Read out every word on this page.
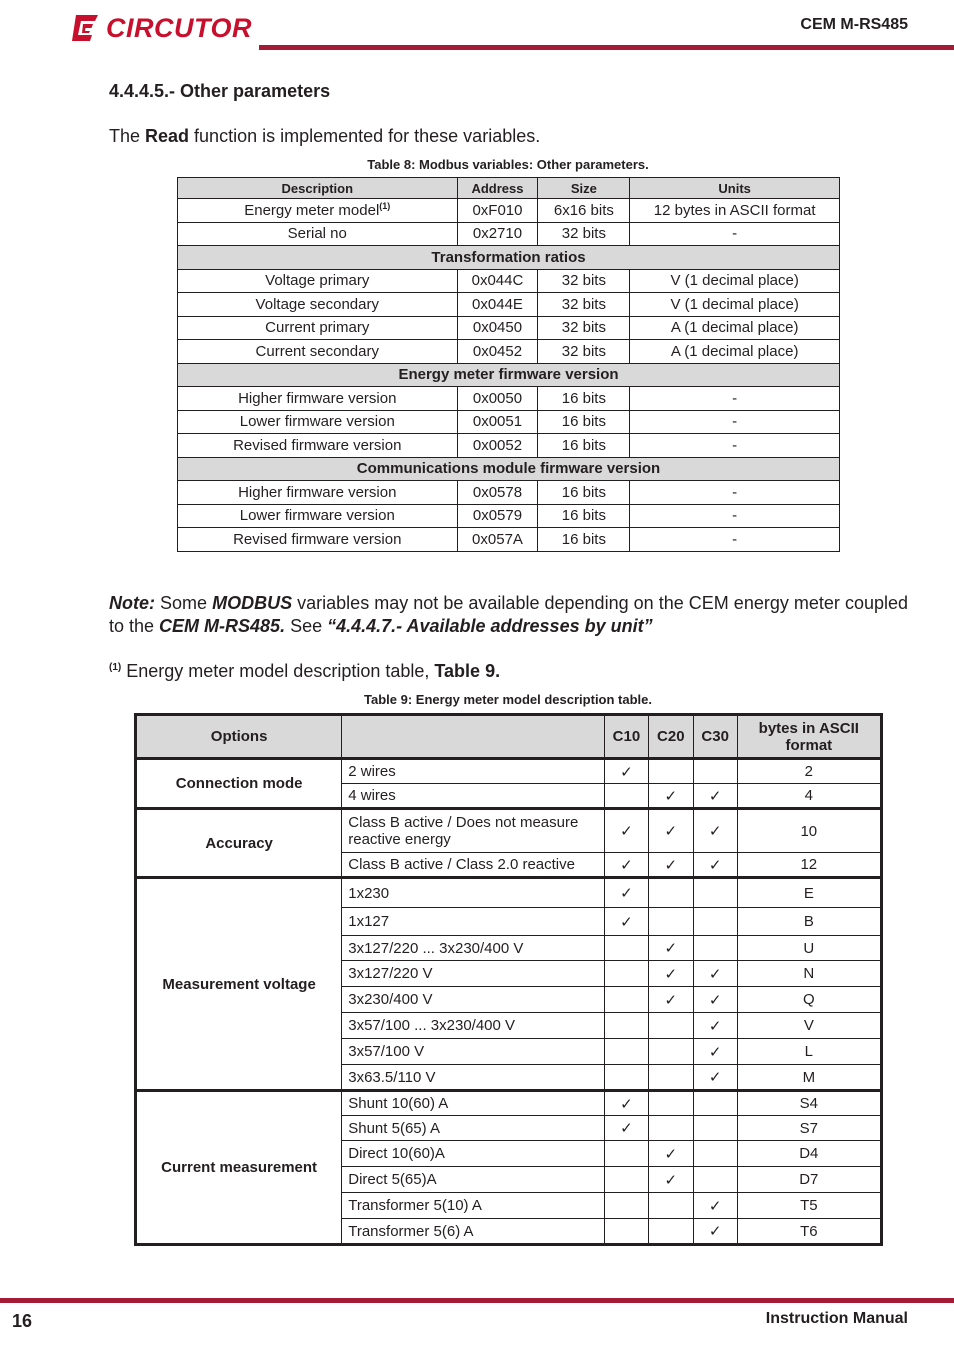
CIRCUTOR	CEM M-RS485
4.4.4.5.- Other parameters
The Read function is implemented for these variables.
Table 8: Modbus variables: Other parameters.
Description	Address	Size	Units
Energy meter model$^{(1)}$	0xF010	6x16 bits	12 bytes in ASCII format
Serial no	0x2710	32 bits	-
Transformation ratios			
Voltage primary	0x044C	32 bits	V (1 decimal place)
Voltage secondary	0x044E	32 bits	V (1 decimal place)
Current primary	0x0450	32 bits	A (1 decimal place)
Current secondary	0x0452	32 bits	A (1 decimal place)
Energy meter firmware version			
Higher firmware version	0x0050	16 bits	-
Lower firmware version	0x0051	16 bits	-
Revised firmware version	0x0052	16 bits	-
Communications module firmware version			
Higher firmware version	0x0578	16 bits	-
Lower firmware version	0x0579	16 bits	-
Revised firmware version	0x057A	16 bits	-
Note: Some MODBUS variables may not be available depending on the CEM energy meter coupled to the CEM M-RS485. See “4.4.4.7.- Available addresses by unit”
$^{(1)}$ Energy meter model description table, Table 9.
Table 9: Energy meter model description table.
Options		C10	C20	C30	bytes in ASCII format
Connection mode	2 wires	✓			2
	4 wires		✓	✓	4
Accuracy	Class B active / Does not measure reactive energy	✓	✓	✓	10
	Class B active / Class 2.0 reactive	✓	✓	✓	12
Measurement voltage	1x230	✓			E
	1x127	✓			B
	3x127/220 ... 3x230/400 V		✓		U
	3x127/220 V		✓	✓	N
	3x230/400 V		✓	✓	Q
	3x57/100 ... 3x230/400 V			✓	V
	3x57/100 V			✓	L
	3x63.5/110 V			✓	M
Current measurement	Shunt 10(60) A	✓			S4
	Shunt 5(65) A	✓			S7
	Direct 10(60)A		✓		D4
	Direct 5(65)A		✓		D7
	Transformer 5(10) A			✓	T5
	Transformer 5(6) A			✓	T6
16	Instruction Manual
